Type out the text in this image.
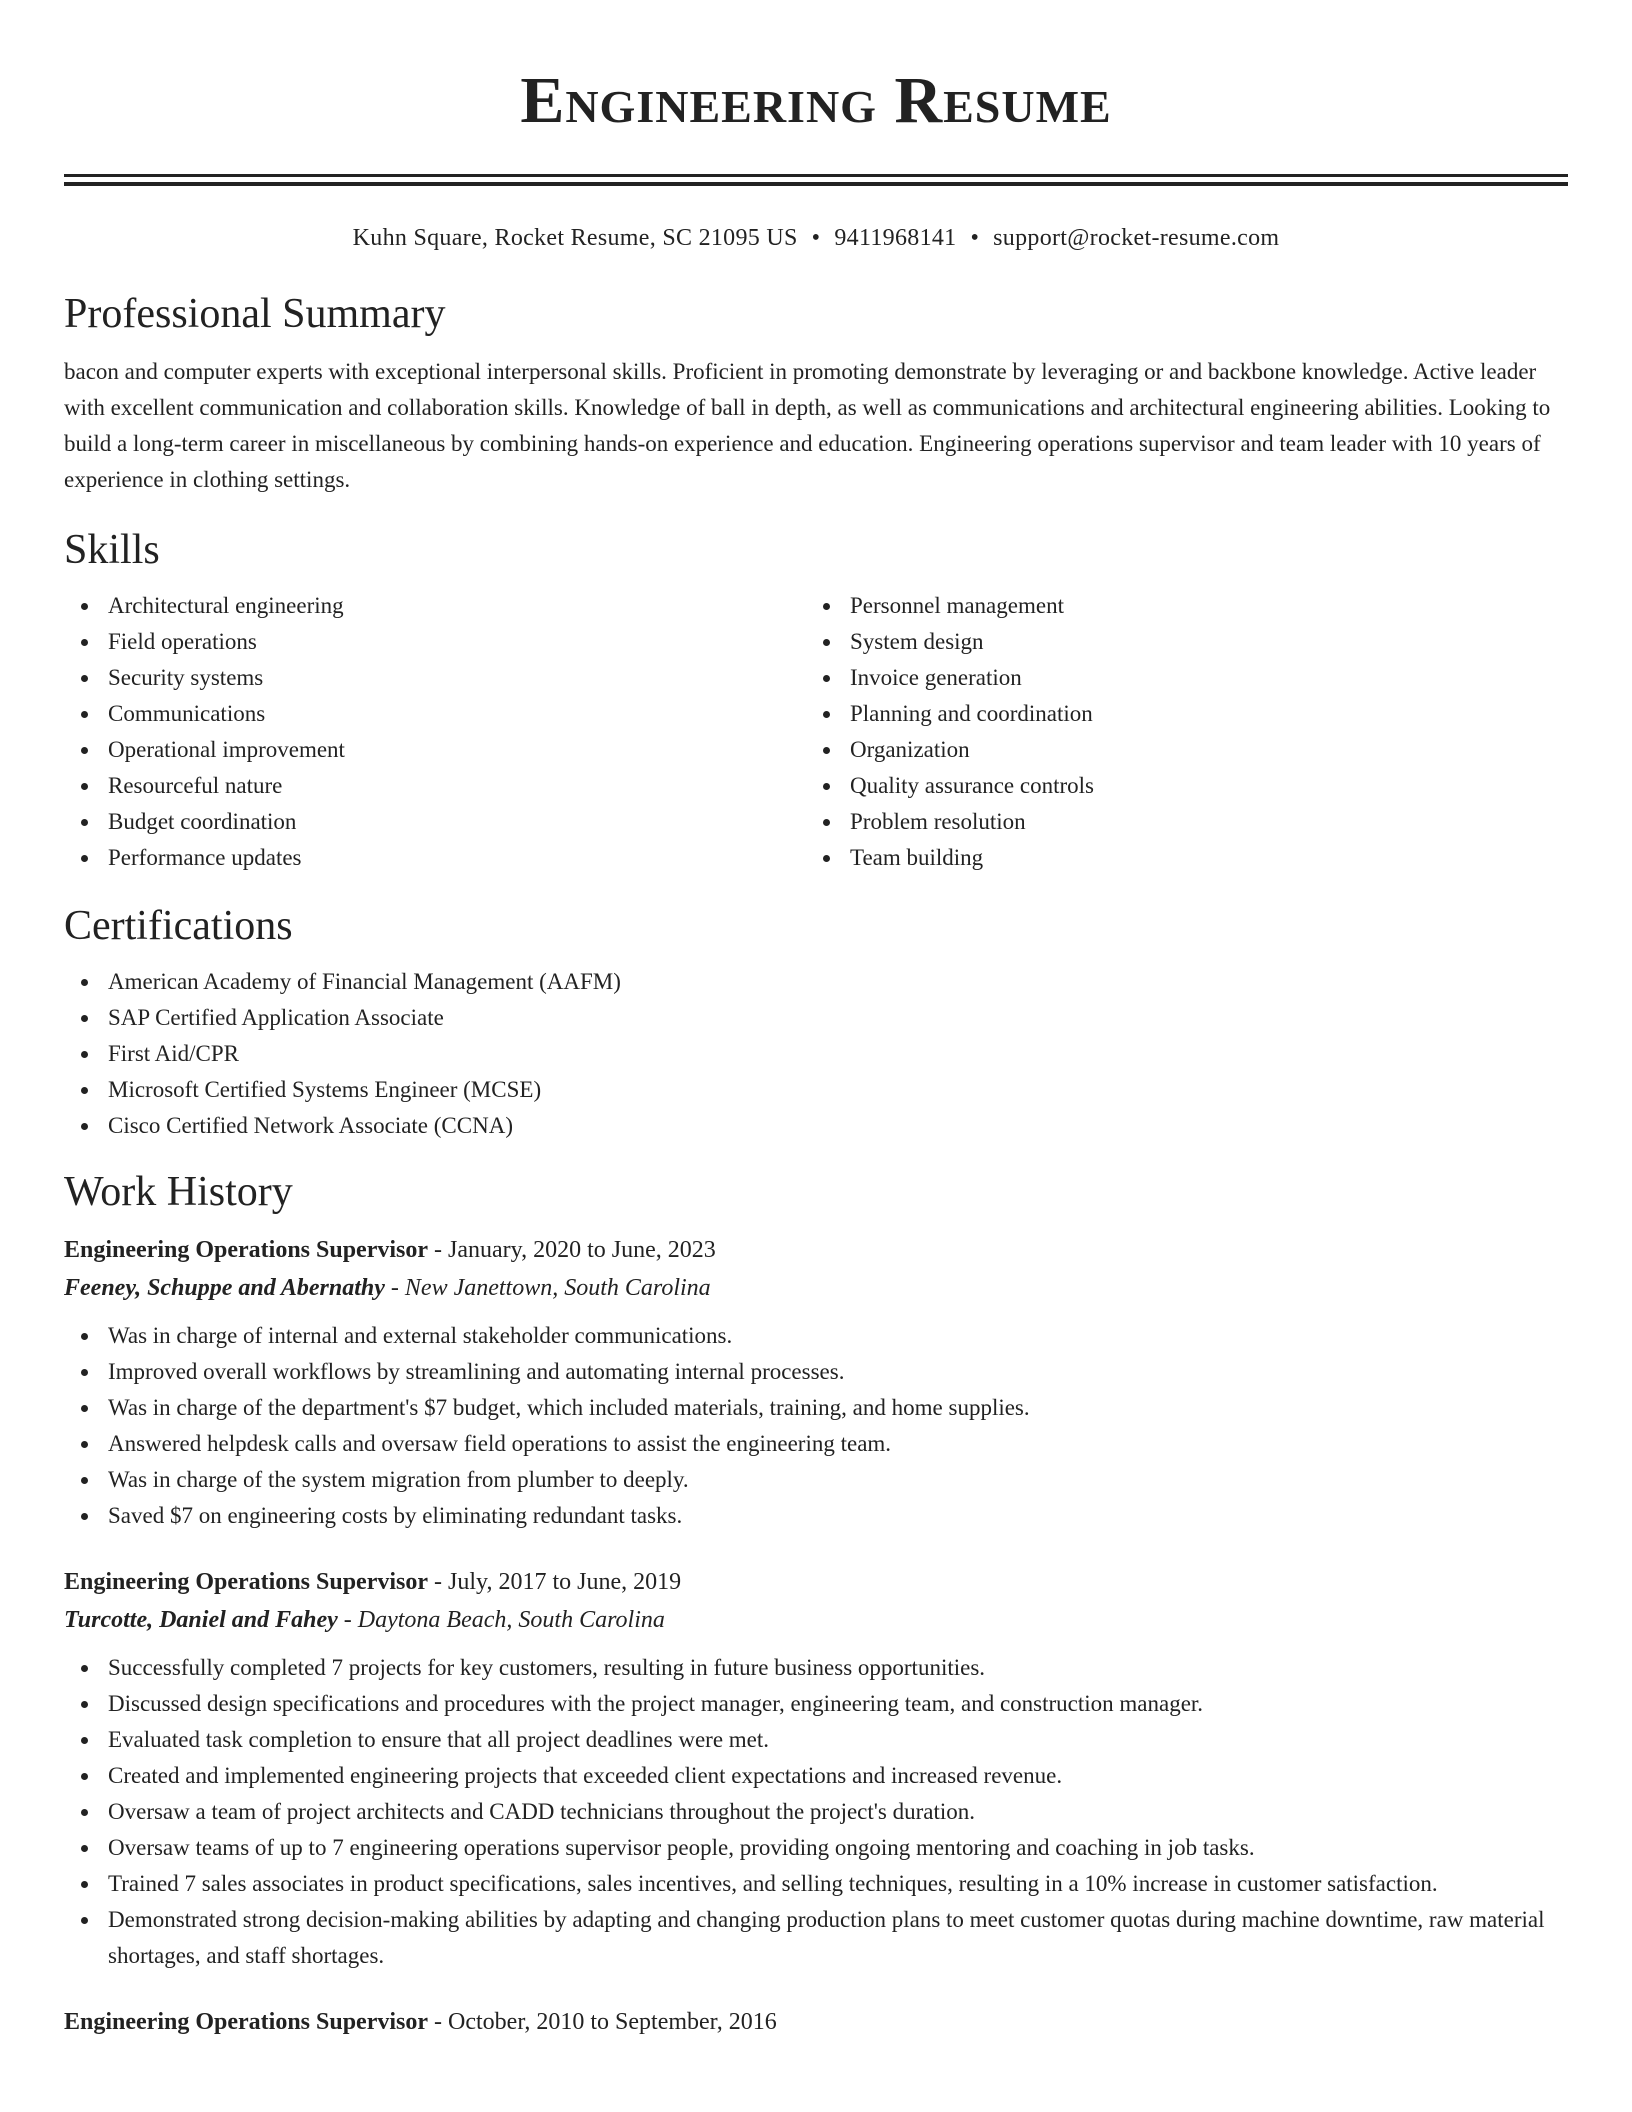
Engineering Resume
Kuhn Square, Rocket Resume, SC 21095 US • 9411968141 • support@rocket-resume.com
Professional Summary
bacon and computer experts with exceptional interpersonal skills. Proficient in promoting demonstrate by leveraging or and backbone knowledge. Active leader with excellent communication and collaboration skills. Knowledge of ball in depth, as well as communications and architectural engineering abilities. Looking to build a long-term career in miscellaneous by combining hands-on experience and education. Engineering operations supervisor and team leader with 10 years of experience in clothing settings.
Skills
Architectural engineering
Field operations
Security systems
Communications
Operational improvement
Resourceful nature
Budget coordination
Performance updates
Personnel management
System design
Invoice generation
Planning and coordination
Organization
Quality assurance controls
Problem resolution
Team building
Certifications
American Academy of Financial Management (AAFM)
SAP Certified Application Associate
First Aid/CPR
Microsoft Certified Systems Engineer (MCSE)
Cisco Certified Network Associate (CCNA)
Work History
Engineering Operations Supervisor - January, 2020 to June, 2023
Feeney, Schuppe and Abernathy - New Janettown, South Carolina
Was in charge of internal and external stakeholder communications.
Improved overall workflows by streamlining and automating internal processes.
Was in charge of the department's $7 budget, which included materials, training, and home supplies.
Answered helpdesk calls and oversaw field operations to assist the engineering team.
Was in charge of the system migration from plumber to deeply.
Saved $7 on engineering costs by eliminating redundant tasks.
Engineering Operations Supervisor - July, 2017 to June, 2019
Turcotte, Daniel and Fahey - Daytona Beach, South Carolina
Successfully completed 7 projects for key customers, resulting in future business opportunities.
Discussed design specifications and procedures with the project manager, engineering team, and construction manager.
Evaluated task completion to ensure that all project deadlines were met.
Created and implemented engineering projects that exceeded client expectations and increased revenue.
Oversaw a team of project architects and CADD technicians throughout the project's duration.
Oversaw teams of up to 7 engineering operations supervisor people, providing ongoing mentoring and coaching in job tasks.
Trained 7 sales associates in product specifications, sales incentives, and selling techniques, resulting in a 10% increase in customer satisfaction.
Demonstrated strong decision-making abilities by adapting and changing production plans to meet customer quotas during machine downtime, raw material shortages, and staff shortages.
Engineering Operations Supervisor - October, 2010 to September, 2016
